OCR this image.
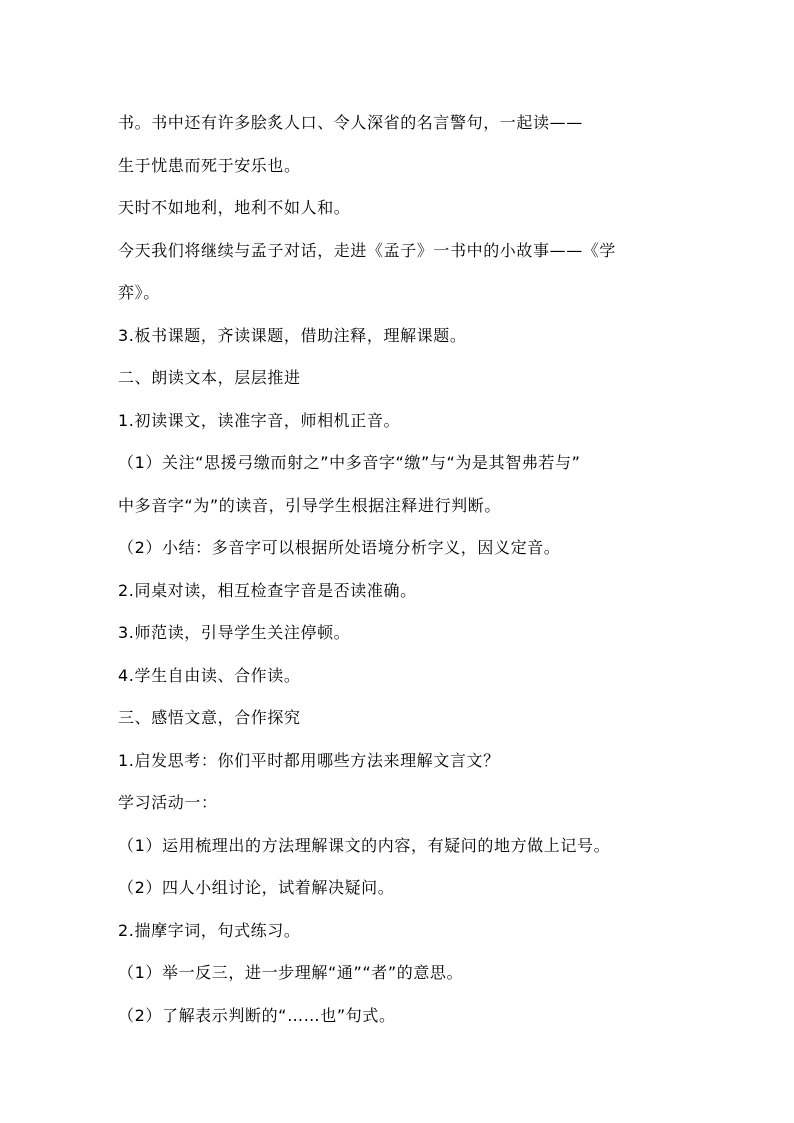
书。书中还有许多脍炙人口、令人深省的名言警句，一起读——
生于忧患而死于安乐也。
天时不如地利，地利不如人和。
今天我们将继续与孟子对话，走进《孟子》一书中的小故事——《学
弈》。
3.板书课题，齐读课题，借助注释，理解课题。
二、朗读文本，层层推进
1.初读课文，读准字音，师相机正音。
（1）关注“思援弓缴而射之”中多音字“缴”与“为是其智弗若与”
中多音字“为”的读音，引导学生根据注释进行判断。
（2）小结：多音字可以根据所处语境分析字义，因义定音。
2.同桌对读，相互检查字音是否读准确。
3.师范读，引导学生关注停顿。
4.学生自由读、合作读。
三、感悟文意，合作探究
1.启发思考：你们平时都用哪些方法来理解文言文？
学习活动一：
（1）运用梳理出的方法理解课文的内容，有疑问的地方做上记号。
（2）四人小组讨论，试着解决疑问。
2.揣摩字词，句式练习。
（1）举一反三，进一步理解“通”“者”的意思。
（2）了解表示判断的“……也”句式。
